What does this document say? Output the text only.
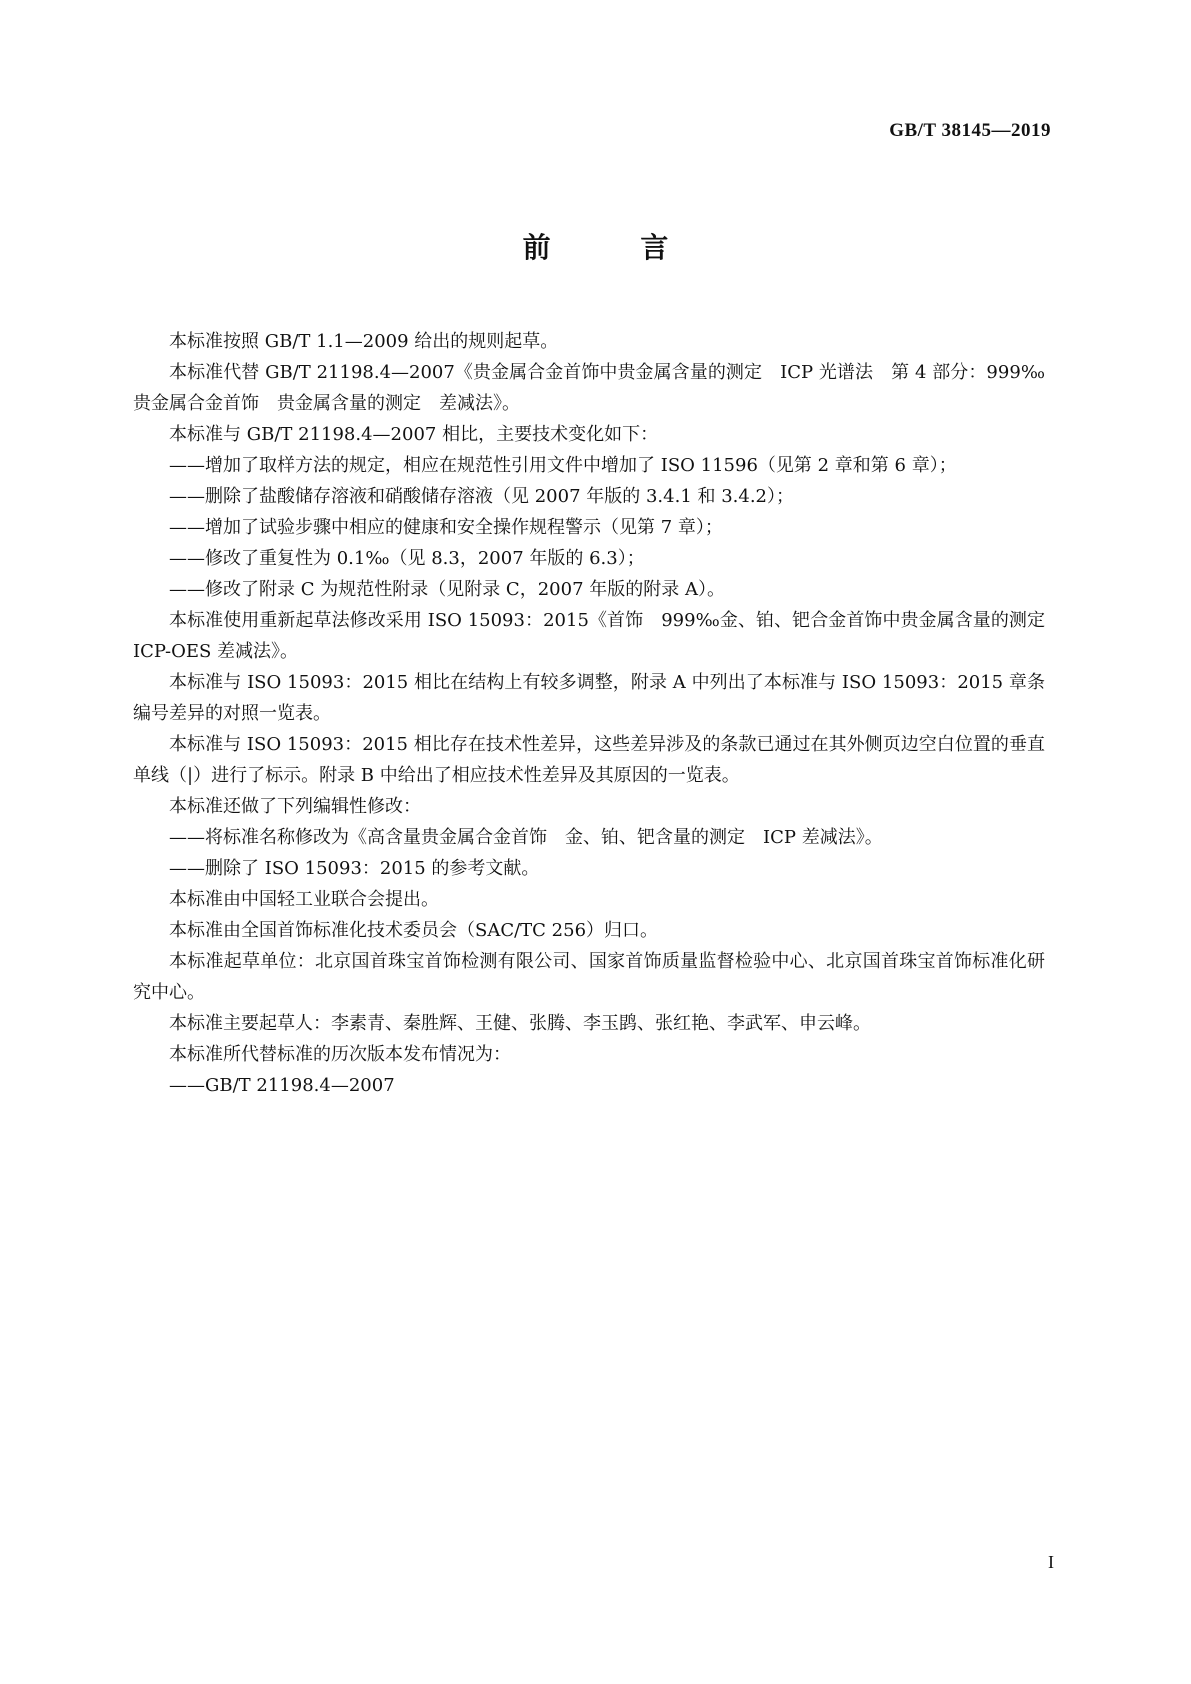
GB/T 38145—2019
前 言

本标准按照 GB/T 1.1—2009 给出的规则起草。

本标准代替 GB/T 21198.4—2007《贵金属合金首饰中贵金属含量的测定　ICP 光谱法　第 4 部分：999‰贵金属合金首饰　贵金属含量的测定　差减法》。

本标准与 GB/T 21198.4—2007 相比，主要技术变化如下：

——增加了取样方法的规定，相应在规范性引用文件中增加了 ISO 11596（见第 2 章和第 6 章）；

——删除了盐酸储存溶液和硝酸储存溶液（见 2007 年版的 3.4.1 和 3.4.2）；

——增加了试验步骤中相应的健康和安全操作规程警示（见第 7 章）；

——修改了重复性为 0.1‰（见 8.3，2007 年版的 6.3）；

——修改了附录 C 为规范性附录（见附录 C，2007 年版的附录 A）。

本标准使用重新起草法修改采用 ISO 15093：2015《首饰　999‰金、铂、钯合金首饰中贵金属含量的测定　ICP-OES 差减法》。

本标准与 ISO 15093：2015 相比在结构上有较多调整，附录 A 中列出了本标准与 ISO 15093：2015 章条编号差异的对照一览表。

本标准与 ISO 15093：2015 相比存在技术性差异，这些差异涉及的条款已通过在其外侧页边空白位置的垂直单线（|）进行了标示。附录 B 中给出了相应技术性差异及其原因的一览表。

本标准还做了下列编辑性修改：

——将标准名称修改为《高含量贵金属合金首饰　金、铂、钯含量的测定　ICP 差减法》。

——删除了 ISO 15093：2015 的参考文献。

本标准由中国轻工业联合会提出。

本标准由全国首饰标准化技术委员会（SAC/TC 256）归口。

本标准起草单位：北京国首珠宝首饰检测有限公司、国家首饰质量监督检验中心、北京国首珠宝首饰标准化研究中心。

本标准主要起草人：李素青、秦胜辉、王健、张腾、李玉鹍、张红艳、李武军、申云峰。

本标准所代替标准的历次版本发布情况为：

——GB/T 21198.4—2007

I
